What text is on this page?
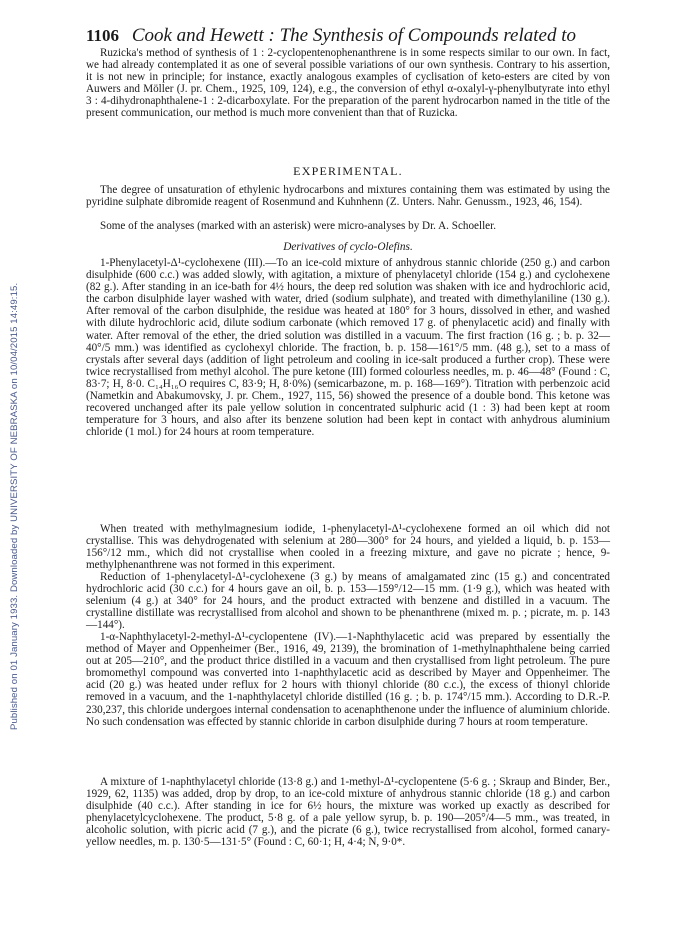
Published on 01 January 1933. Downloaded by UNIVERSITY OF NEBRASKA on 10/04/2015 14:49:15.
1106 Cook and Hewett : The Synthesis of Compounds related to

Ruzicka's method of synthesis of 1 : 2-cyclopentenophenanthrene is in some respects similar to our own. In fact, we had already contemplated it as one of several possible variations of our own synthesis. Contrary to his assertion, it is not new in principle; for instance, exactly analogous examples of cyclisation of keto-esters are cited by von Auwers and Möller (J. pr. Chem., 1925, 109, 124), e.g., the conversion of ethyl α-oxalyl-γ-phenylbutyrate into ethyl 3 : 4-dihydronaphthalene-1 : 2-dicarboxylate. For the preparation of the parent hydrocarbon named in the title of the present communication, our method is much more convenient than that of Ruzicka.

EXPERIMENTAL.

The degree of unsaturation of ethylenic hydrocarbons and mixtures containing them was estimated by using the pyridine sulphate dibromide reagent of Rosenmund and Kuhnhenn (Z. Unters. Nahr. Genussm., 1923, 46, 154).

Some of the analyses (marked with an asterisk) were micro-analyses by Dr. A. Schoeller.

Derivatives of cyclo-Olefins.

1-Phenylacetyl-Δ¹-cyclohexene (III).—To an ice-cold mixture of anhydrous stannic chloride (250 g.) and carbon disulphide (600 c.c.) was added slowly, with agitation, a mixture of phenylacetyl chloride (154 g.) and cyclohexene (82 g.). After standing in an ice-bath for 4½ hours, the deep red solution was shaken with ice and hydrochloric acid, the carbon disulphide layer washed with water, dried (sodium sulphate), and treated with dimethylaniline (130 g.). After removal of the carbon disulphide, the residue was heated at 180° for 3 hours, dissolved in ether, and washed with dilute hydrochloric acid, dilute sodium carbonate (which removed 17 g. of phenylacetic acid) and finally with water. After removal of the ether, the dried solution was distilled in a vacuum. The first fraction (16 g. ; b. p. 32—40°/5 mm.) was identified as cyclohexyl chloride. The fraction, b. p. 158—161°/5 mm. (48 g.), set to a mass of crystals after several days (addition of light petroleum and cooling in ice-salt produced a further crop). These were twice recrystallised from methyl alcohol. The pure ketone (III) formed colourless needles, m. p. 46—48° (Found : C, 83·7; H, 8·0. C₁₄H₁₆O requires C, 83·9; H, 8·0%) (semicarbazone, m. p. 168—169°). Titration with perbenzoic acid (Nametkin and Abakumovsky, J. pr. Chem., 1927, 115, 56) showed the presence of a double bond. This ketone was recovered unchanged after its pale yellow solution in concentrated sulphuric acid (1 : 3) had been kept at room temperature for 3 hours, and also after its benzene solution had been kept in contact with anhydrous aluminium chloride (1 mol.) for 24 hours at room temperature.

When treated with methylmagnesium iodide, 1-phenylacetyl-Δ¹-cyclohexene formed an oil which did not crystallise. This was dehydrogenated with selenium at 280—300° for 24 hours, and yielded a liquid, b. p. 153—156°/12 mm., which did not crystallise when cooled in a freezing mixture, and gave no picrate ; hence, 9-methylphenanthrene was not formed in this experiment.

Reduction of 1-phenylacetyl-Δ¹-cyclohexene (3 g.) by means of amalgamated zinc (15 g.) and concentrated hydrochloric acid (30 c.c.) for 4 hours gave an oil, b. p. 153—159°/12—15 mm. (1·9 g.), which was heated with selenium (4 g.) at 340° for 24 hours, and the product extracted with benzene and distilled in a vacuum. The crystalline distillate was recrystallised from alcohol and shown to be phenanthrene (mixed m. p. ; picrate, m. p. 143—144°).

1-α-Naphthylacetyl-2-methyl-Δ¹-cyclopentene (IV).—1-Naphthylacetic acid was prepared by essentially the method of Mayer and Oppenheimer (Ber., 1916, 49, 2139), the bromination of 1-methylnaphthalene being carried out at 205—210°, and the product thrice distilled in a vacuum and then crystallised from light petroleum. The pure bromomethyl compound was converted into 1-naphthylacetic acid as described by Mayer and Oppenheimer. The acid (20 g.) was heated under reflux for 2 hours with thionyl chloride (80 c.c.), the excess of thionyl chloride removed in a vacuum, and the 1-naphthylacetyl chloride distilled (16 g. ; b. p. 174°/15 mm.). According to D.R.-P. 230,237, this chloride undergoes internal condensation to acenaphthenone under the influence of aluminium chloride. No such condensation was effected by stannic chloride in carbon disulphide during 7 hours at room temperature.

A mixture of 1-naphthylacetyl chloride (13·8 g.) and 1-methyl-Δ¹-cyclopentene (5·6 g. ; Skraup and Binder, Ber., 1929, 62, 1135) was added, drop by drop, to an ice-cold mixture of anhydrous stannic chloride (18 g.) and carbon disulphide (40 c.c.). After standing in ice for 6½ hours, the mixture was worked up exactly as described for phenylacetylcyclohexene. The product, 5·8 g. of a pale yellow syrup, b. p. 190—205°/4—5 mm., was treated, in alcoholic solution, with picric acid (7 g.), and the picrate (6 g.), twice recrystallised from alcohol, formed canary-yellow needles, m. p. 130·5—131·5° (Found : C, 60·1; H, 4·4; N, 9·0*.
